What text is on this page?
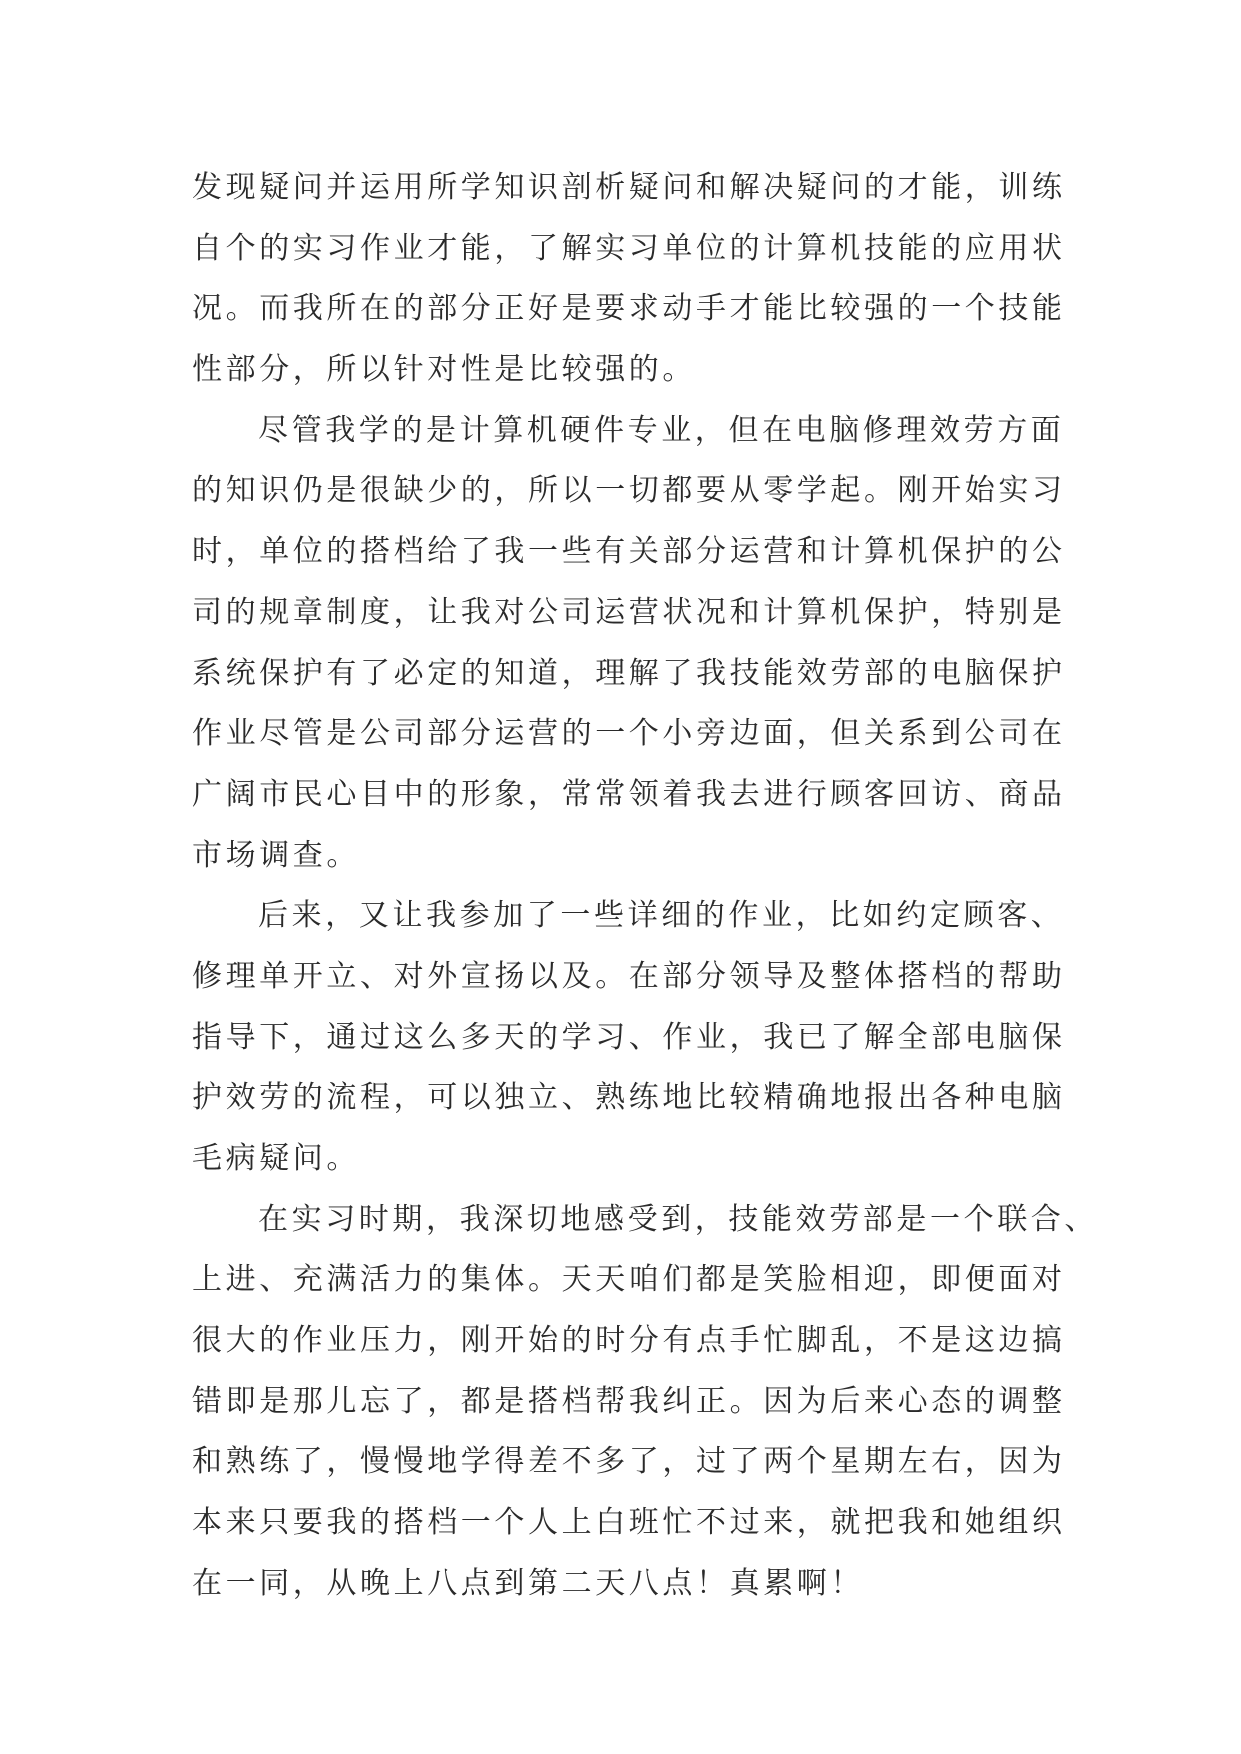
发现疑问并运用所学知识剖析疑问和解决疑问的才能，训练
自个的实习作业才能，了解实习单位的计算机技能的应用状
况。而我所在的部分正好是要求动手才能比较强的一个技能
性部分，所以针对性是比较强的。
尽管我学的是计算机硬件专业，但在电脑修理效劳方面
的知识仍是很缺少的，所以一切都要从零学起。刚开始实习
时，单位的搭档给了我一些有关部分运营和计算机保护的公
司的规章制度，让我对公司运营状况和计算机保护，特别是
系统保护有了必定的知道，理解了我技能效劳部的电脑保护
作业尽管是公司部分运营的一个小旁边面，但关系到公司在
广阔市民心目中的形象，常常领着我去进行顾客回访、商品
市场调查。
后来，又让我参加了一些详细的作业，比如约定顾客、
修理单开立、对外宣扬以及。在部分领导及整体搭档的帮助
指导下，通过这么多天的学习、作业，我已了解全部电脑保
护效劳的流程，可以独立、熟练地比较精确地报出各种电脑
毛病疑问。
在实习时期，我深切地感受到，技能效劳部是一个联合、
上进、充满活力的集体。天天咱们都是笑脸相迎，即便面对
很大的作业压力，刚开始的时分有点手忙脚乱，不是这边搞
错即是那儿忘了，都是搭档帮我纠正。因为后来心态的调整
和熟练了，慢慢地学得差不多了，过了两个星期左右，因为
本来只要我的搭档一个人上白班忙不过来，就把我和她组织
在一同，从晚上八点到第二天八点！真累啊！
